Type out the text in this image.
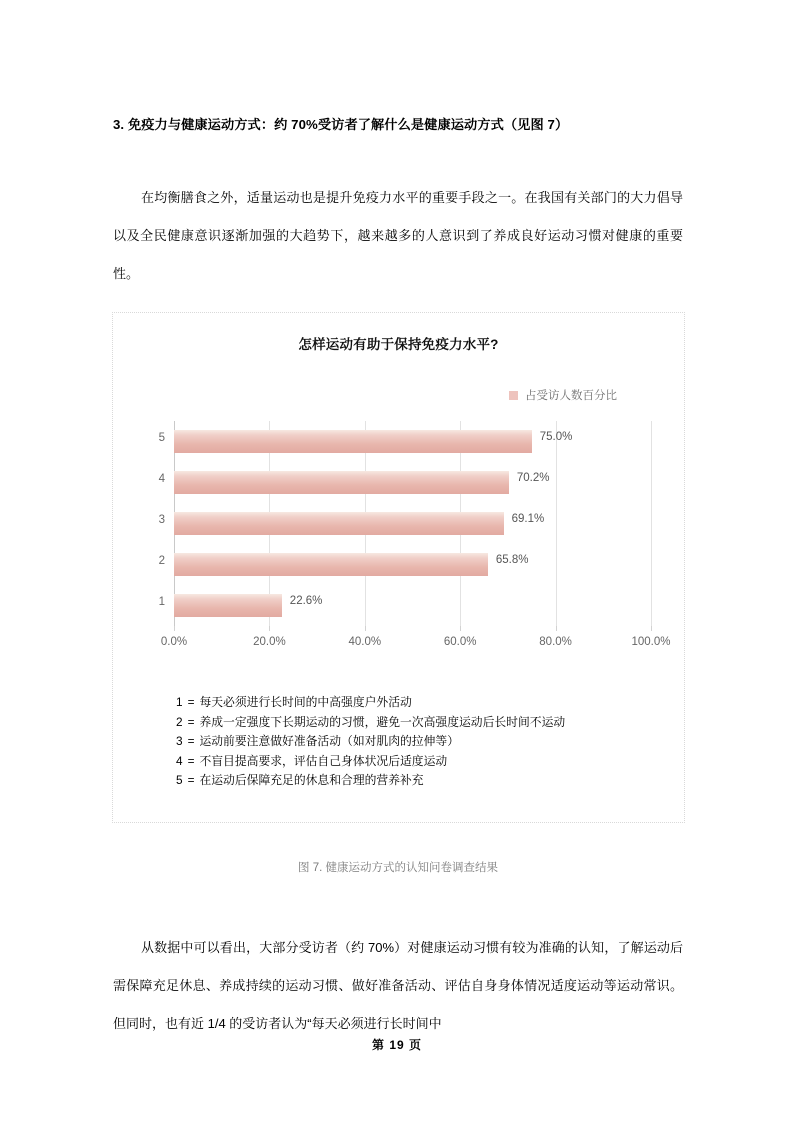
3. 免疫力与健康运动方式：约 70%受访者了解什么是健康运动方式（见图 7）

在均衡膳食之外，适量运动也是提升免疫力水平的重要手段之一。在我国有关部门的大力倡导以及全民健康意识逐渐加强的大趋势下，越来越多的人意识到了养成良好运动习惯对健康的重要性。

怎样运动有助于保持免疫力水平?
占受访人数百分比
5	75.0%
4	70.2%
3	69.1%
2	65.8%
1	22.6%
0.0%	20.0%	40.0%	60.0%	80.0%	100.0%
1 = 每天必须进行长时间的中高强度户外活动
2 = 养成一定强度下长期运动的习惯，避免一次高强度运动后长时间不运动
3 = 运动前要注意做好准备活动（如对肌肉的拉伸等）
4 = 不盲目提高要求，评估自己身体状况后适度运动
5 = 在运动后保障充足的休息和合理的营养补充
图 7. 健康运动方式的认知问卷调查结果

从数据中可以看出，大部分受访者（约 70%）对健康运动习惯有较为准确的认知，了解运动后需保障充足休息、养成持续的运动习惯、做好准备活动、评估自身身体情况适度运动等运动常识。但同时，也有近 1/4 的受访者认为“每天必须进行长时间中

第 19 页
